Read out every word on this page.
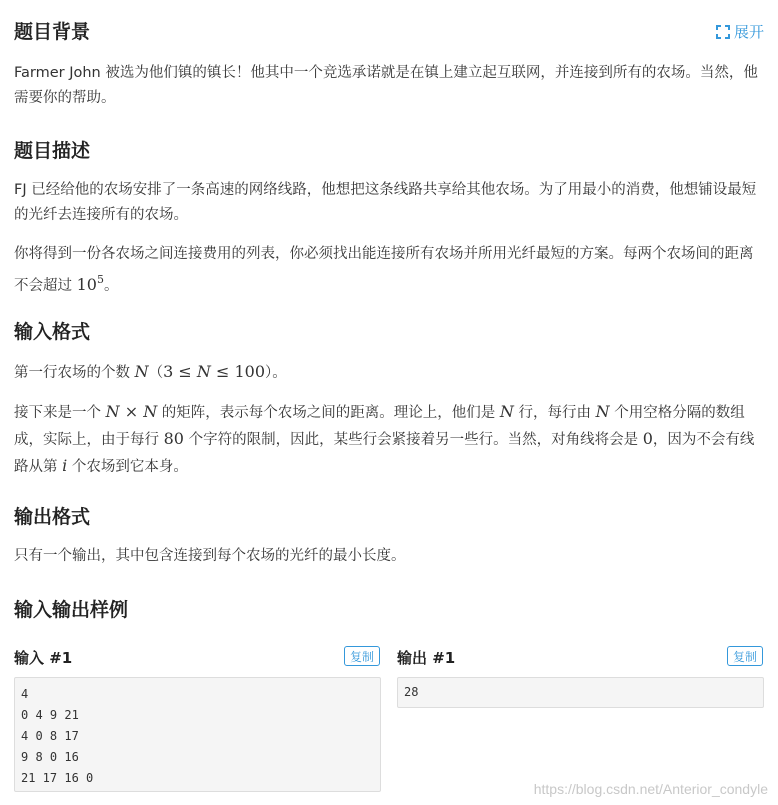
题目背景	展开

Farmer John 被选为他们镇的镇长！他其中一个竞选承诺就是在镇上建立起互联网，并连接到所有的农场。当然，他需要你的帮助。

题目描述

FJ 已经给他的农场安排了一条高速的网络线路，他想把这条线路共享给其他农场。为了用最小的消费，他想铺设最短的光纤去连接所有的农场。

你将得到一份各农场之间连接费用的列表，你必须找出能连接所有农场并所用光纤最短的方案。每两个农场间的距离不会超过 $10^5$。

输入格式

第一行农场的个数 N（3 ≤ N ≤ 100）。

接下来是一个 N × N 的矩阵，表示每个农场之间的距离。理论上，他们是 N 行，每行由 N 个用空格分隔的数组成，实际上，由于每行 80 个字符的限制，因此，某些行会紧接着另一些行。当然，对角线将会是 0，因为不会有线路从第 i 个农场到它本身。

输出格式

只有一个输出，其中包含连接到每个农场的光纤的最小长度。

输入输出样例
输入 #1	复制
4
0 4 9 21
4 0 8 17
9 8 0 16
21 17 16 0
输出 #1	复制
28
https://blog.csdn.net/Anterior_condyle
